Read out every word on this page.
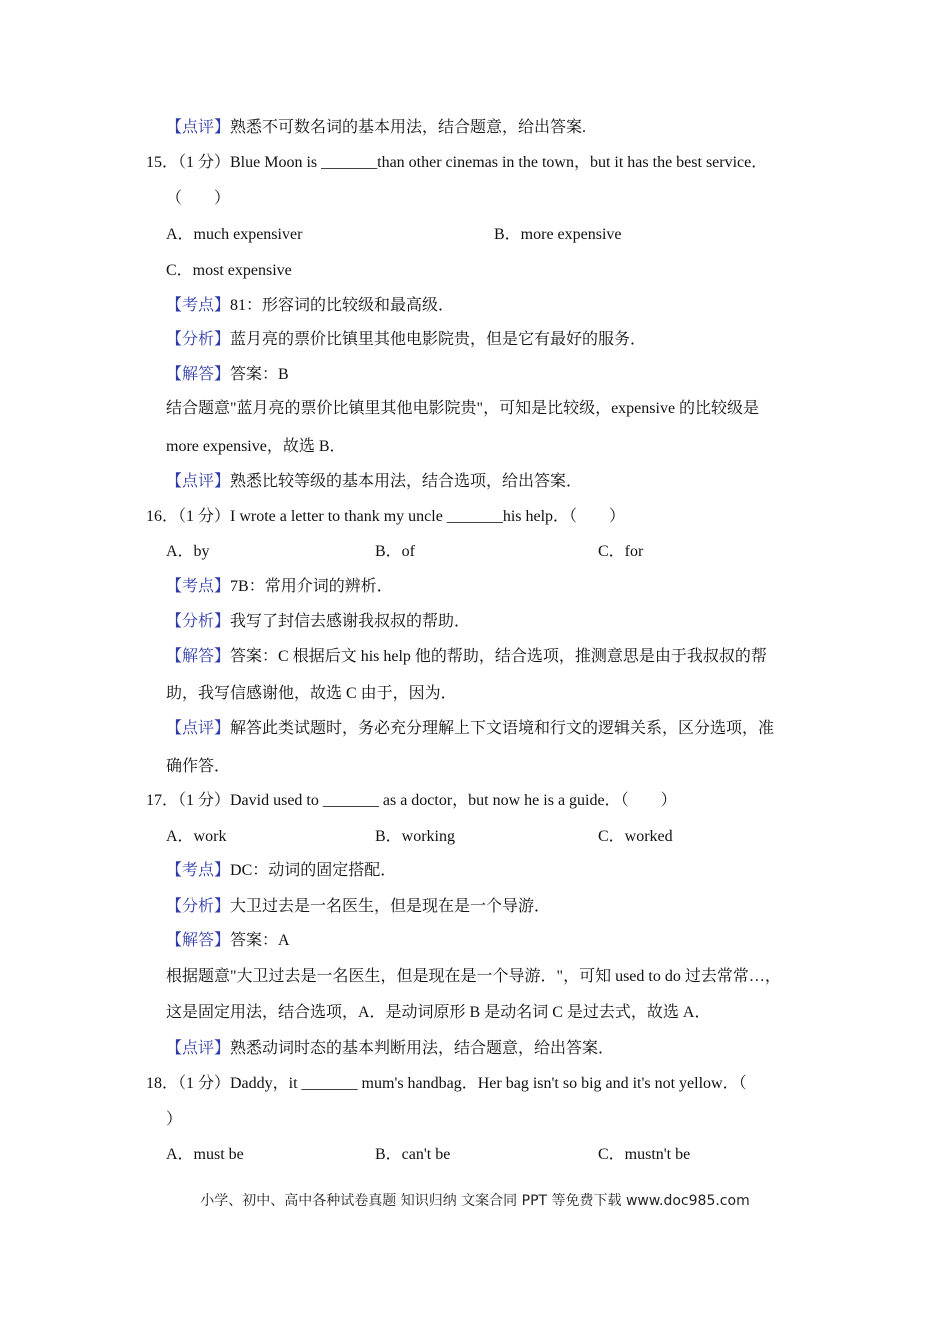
【点评】熟悉不可数名词的基本用法，结合题意，给出答案.
15．（1 分）Blue Moon is _______than other cinemas in the town，but it has the best service．
（　　）
A．much expensiver	B．more expensive
C．most expensive
【考点】81：形容词的比较级和最高级．
【分析】蓝月亮的票价比镇里其他电影院贵，但是它有最好的服务．
【解答】答案：B
结合题意"蓝月亮的票价比镇里其他电影院贵"，可知是比较级，expensive 的比较级是
more expensive，故选 B．
【点评】熟悉比较等级的基本用法，结合选项，给出答案．
16．（1 分）I wrote a letter to thank my uncle _______his help．（　　）
A．by	B．of	C．for
【考点】7B：常用介词的辨析．
【分析】我写了封信去感谢我叔叔的帮助．
【解答】答案：C 根据后文 his help 他的帮助，结合选项，推测意思是由于我叔叔的帮
助，我写信感谢他，故选 C 由于，因为．
【点评】解答此类试题时，务必充分理解上下文语境和行文的逻辑关系，区分选项，准
确作答．
17．（1 分）David used to _______ as a doctor，but now he is a guide．（　　）
A．work	B．working	C．worked
【考点】DC：动词的固定搭配．
【分析】大卫过去是一名医生，但是现在是一个导游．
【解答】答案：A
根据题意"大卫过去是一名医生，但是现在是一个导游．"，可知 used to do 过去常常…，
这是固定用法，结合选项，A．是动词原形 B 是动名词 C 是过去式，故选 A．
【点评】熟悉动词时态的基本判断用法，结合题意，给出答案．
18．（1 分）Daddy，it _______ mum's handbag．Her bag isn't so big and it's not yellow．（
）
A．must be	B．can't be	C．mustn't be
小学、初中、高中各种试卷真题 知识归纳 文案合同 PPT 等免费下载 www.doc985.com
